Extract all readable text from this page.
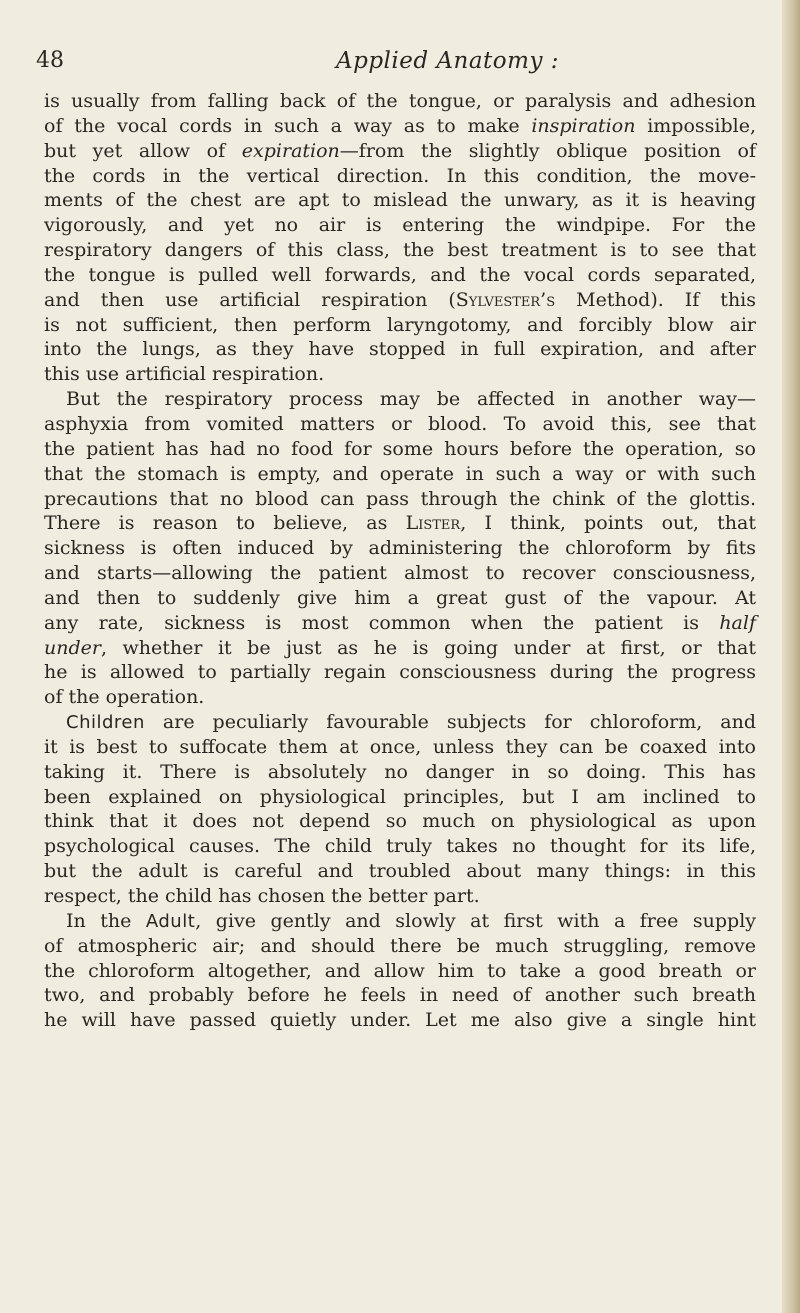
48	Applied Anatomy :
is usually from falling back of the tongue, or paralysis and adhesion
of the vocal cords in such a way as to make inspiration impossible,
but yet allow of expiration—from the slightly oblique position of
the cords in the vertical direction. In this condition, the move-
ments of the chest are apt to mislead the unwary, as it is heaving
vigorously, and yet no air is entering the windpipe. For the
respiratory dangers of this class, the best treatment is to see that
the tongue is pulled well forwards, and the vocal cords separated,
and then use artificial respiration (Sylvester’s Method). If this
is not sufficient, then perform laryngotomy, and forcibly blow air
into the lungs, as they have stopped in full expiration, and after
this use artificial respiration.
But the respiratory process may be affected in another way—
asphyxia from vomited matters or blood. To avoid this, see that
the patient has had no food for some hours before the operation, so
that the stomach is empty, and operate in such a way or with such
precautions that no blood can pass through the chink of the glottis.
There is reason to believe, as Lister, I think, points out, that
sickness is often induced by administering the chloroform by fits
and starts—allowing the patient almost to recover consciousness,
and then to suddenly give him a great gust of the vapour. At
any rate, sickness is most common when the patient is half
under, whether it be just as he is going under at first, or that
he is allowed to partially regain consciousness during the progress
of the operation.
Children are peculiarly favourable subjects for chloroform, and
it is best to suffocate them at once, unless they can be coaxed into
taking it. There is absolutely no danger in so doing. This has
been explained on physiological principles, but I am inclined to
think that it does not depend so much on physiological as upon
psychological causes. The child truly takes no thought for its life,
but the adult is careful and troubled about many things: in this
respect, the child has chosen the better part.
In the Adult, give gently and slowly at first with a free supply
of atmospheric air; and should there be much struggling, remove
the chloroform altogether, and allow him to take a good breath or
two, and probably before he feels in need of another such breath
he will have passed quietly under. Let me also give a single hint
